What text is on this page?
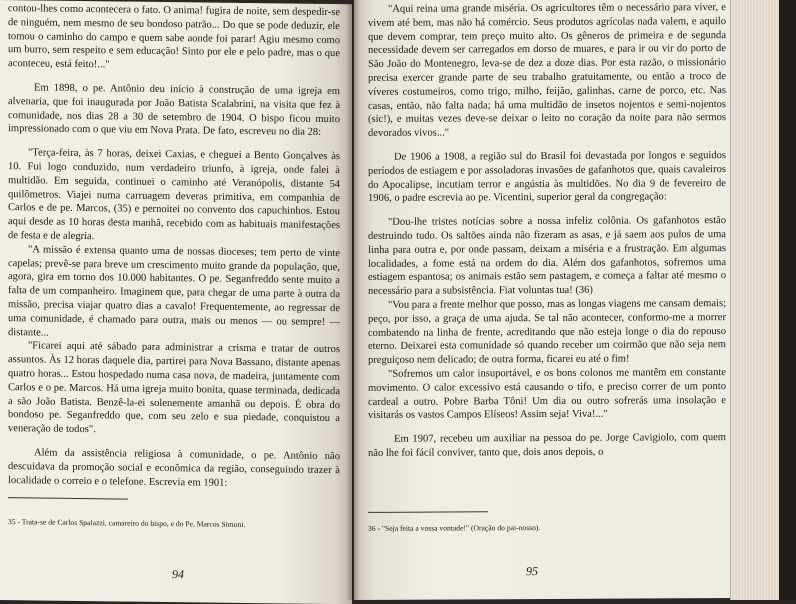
contou-lhes como acontecera o fato. O anima! fugira de noite, sem despedir-se de ninguém, nem mesmo de seu bondoso patrão... Do que se pode deduzir, ele tomou o caminho do campo e quem sabe aonde foi parar! Agiu mesmo como um burro, sem respeito e sem educação! Sinto por ele e pelo padre, mas o que aconteceu, está feito!..."

Em 1898, o pe. Antônio deu início à construção de uma igreja em alvenaria, que foi inaugurada por João Batista Scalabrini, na visita que fez à comunidade, nos dias 28 a 30 de setembro de 1904. O bispo ficou muito impressionado com o que viu em Nova Prata. De fato, escreveu no dia 28:

"Terça-feira, às 7 horas, deixei Caxias, e cheguei a Bento Gonçalves às 10. Fui logo conduzido, num verdadeiro triunfo, à igreja, onde falei à multidão. Em seguida, continuei o caminho até Veranópolis, distante 54 quilômetros. Viajei numa carruagem deveras primitiva, em companhia de Carlos e de pe. Marcos, (35) e pernoitei no convento dos capuchinhos. Estou aqui desde as 10 horas desta manhã, recebido com as habituais manifestações de festa e de alegria.

"A missão é extensa quanto uma de nossas dioceses; tem perto de vinte capelas; prevê-se para breve um crescimento muito grande da população, que, agora, gira em torno dos 10.000 habitantes. O pe. Seganfreddo sente muito a falta de um companheiro. Imaginem que, para chegar de uma parte à outra da missão, precisa viajar quatro dias a cavalo! Frequentemente, ao regressar de uma comunidade, é chamado para outra, mais ou menos — ou sempre! — distante...

"Ficarei aqui até sábado para administrar a crisma e tratar de outros assuntos. Às 12 horas daquele dia, partirei para Nova Bassano, distante apenas quatro horas... Estou hospedado numa casa nova, de madeira, juntamente com Carlos e o pe. Marcos. Há uma igreja muito bonita, quase terminada, dedicada a são João Batista. Benzê-la-ei solenemente amanhã ou depois. É obra do bondoso pe. Seganfreddo que, com seu zelo e sua piedade, conquistou a veneração de todos".

Além da assistência religiosa à comunidade, o pe. Antônio não descuidava da promoção social e econômica da região, conseguindo trazer à localidade o correio e o telefone. Escrevia em 1901:

35 - Trata-se de Carlos Spalazzi, camareiro do bispo, e do Pe. Marcos Simoni.
94

"Aqui reina uma grande miséria. Os agricultores têm o necessário para viver, e vivem até bem, mas não há comércio. Seus produtos agrícolas nada valem, e aquilo que devem comprar, tem preço muito alto. Os gêneros de primeira e de segunda necessidade devem ser carregados em dorso de muares, e para ir ou vir do porto de São João do Montenegro, leva-se de dez a doze dias. Por esta razão, o missionário precisa exercer grande parte de seu trabalho gratuitamente, ou então a troco de víveres costumeiros, como trigo, milho, feijão, galinhas, carne de porco, etc. Nas casas, então, não falta nada; há uma multidão de insetos nojentos e semi-nojentos (sic!), e muitas vezes deve-se deixar o leito no coração da noite para não sermos devorados vivos..."

De 1906 a 1908, a região sul do Brasil foi devastada por longos e seguidos períodos de estiagem e por assoladoras invasões de gafanhotos que, quais cavaleiros do Apocalipse, incutiam terror e angústia às multidões. No dia 9 de fevereiro de 1906, o padre escrevia ao pe. Vicentini, superior geral da congregação:

"Dou-lhe tristes notícias sobre a nossa infeliz colônia. Os gafanhotos estão destruindo tudo. Os saltões ainda não fizeram as asas, e já saem aos pulos de uma linha para outra e, por onde passam, deixam a miséria e a frustração. Em algumas localidades, a fome está na ordem do dia. Além dos gafanhotos, sofremos uma estiagem espantosa; os animais estão sem pastagem, e começa a faltar até mesmo o necessário para a subsistência. Fiat voluntas tua! (36)

"Vou para a frente melhor que posso, mas as longas viagens me cansam demais; peço, por isso, a graça de uma ajuda. Se tal não acontecer, conformo-me a morrer combatendo na linha de frente, acreditando que não esteja longe o dia do repouso eterno. Deixarei esta comunidade só quando receber um coirmão que não seja nem preguiçoso nem delicado; de outra forma, ficarei eu até o fim!

"Sofremos um calor insuportável, e os bons colonos me mantêm em constante movimento. O calor excessivo está causando o tifo, e preciso correr de um ponto cardeal a outro. Pobre Barba Tôni! Um dia ou outro sofrerás uma insolação e visitarás os vastos Campos Elíseos! Assim seja! Viva!..."

Em 1907, recebeu um auxiliar na pessoa do pe. Jorge Cavigiolo, com quem não lhe foi fácil conviver, tanto que, dois anos depois, o

36 - "Seja feita a vossa vontade!" (Oração do pai-nosso).
95
